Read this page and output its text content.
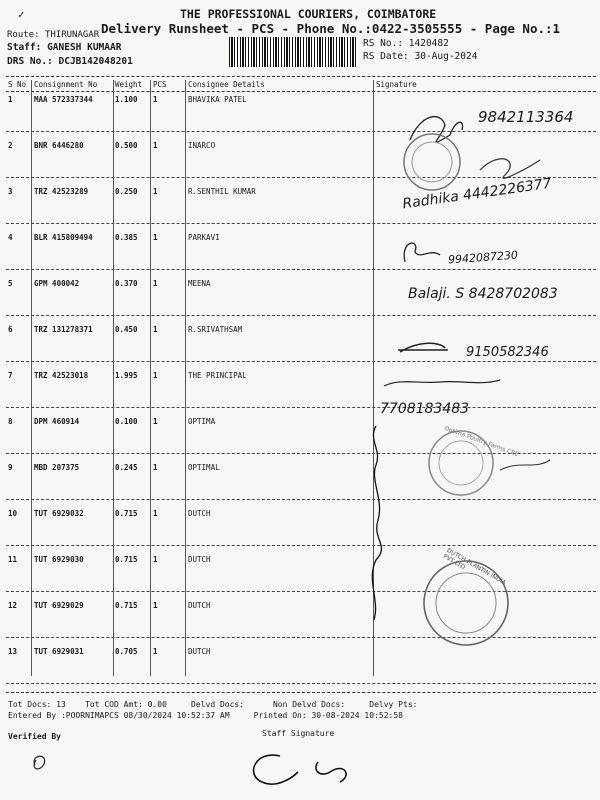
✓	THE PROFESSIONAL COURIERS, COIMBATORE
Delivery Runsheet - PCS - Phone No.:0422-3505555 - Page No.:1
Route: THIRUNAGAR
Staff: GANESH KUMAAR
DRS No.: DCJB142048201
RS No.: 1420482
RS Date: 30-Aug-2024
S No Consignment No Weight PCS	Consignee Details	Signature
1	MAA 572337344	1.100 1	BHAVIKA PATEL
2	BNR 6446280	0.500 1	INARCO
3	TRZ 42523289	0.250 1	R.SENTHIL KUMAR
4	BLR 415809494	0.385 1	PARKAVI
5	GPM 400042	0.370 1	MEENA
6	TRZ 131278371	0.450 1	R.SRIVATHSAM
7	TRZ 42523018	1.995 1	THE PRINCIPAL
8	DPM 460914	0.100 1	OPTIMA
9	MBD 207375	0.245 1	OPTIMAL
10 TUT 6929032	0.715 1	DUTCH
11 TUT 6929030	0.715 1	DUTCH
12 TUT 6929029	0.715 1	DUTCH
13 TUT 6929031	0.705 1	DUTCH
9842113364
Radhika 4442226377
9942087230
Balaji. S 8428702083
9150582346
7708183483
Optima Poultry Farms CBE
DUTCH PLANTIN INDIA PVT LTD
Tot Docs: 13 Tot COD Amt: 0.00	Delvd Docs:	Non Delvd Docs:	Delvy Pts:
Entered By :POORNIMAPCS 08/30/2024 10:52:37 AM	Printed On: 30-08-2024 10:52:58
Verified By	Staff Signature
